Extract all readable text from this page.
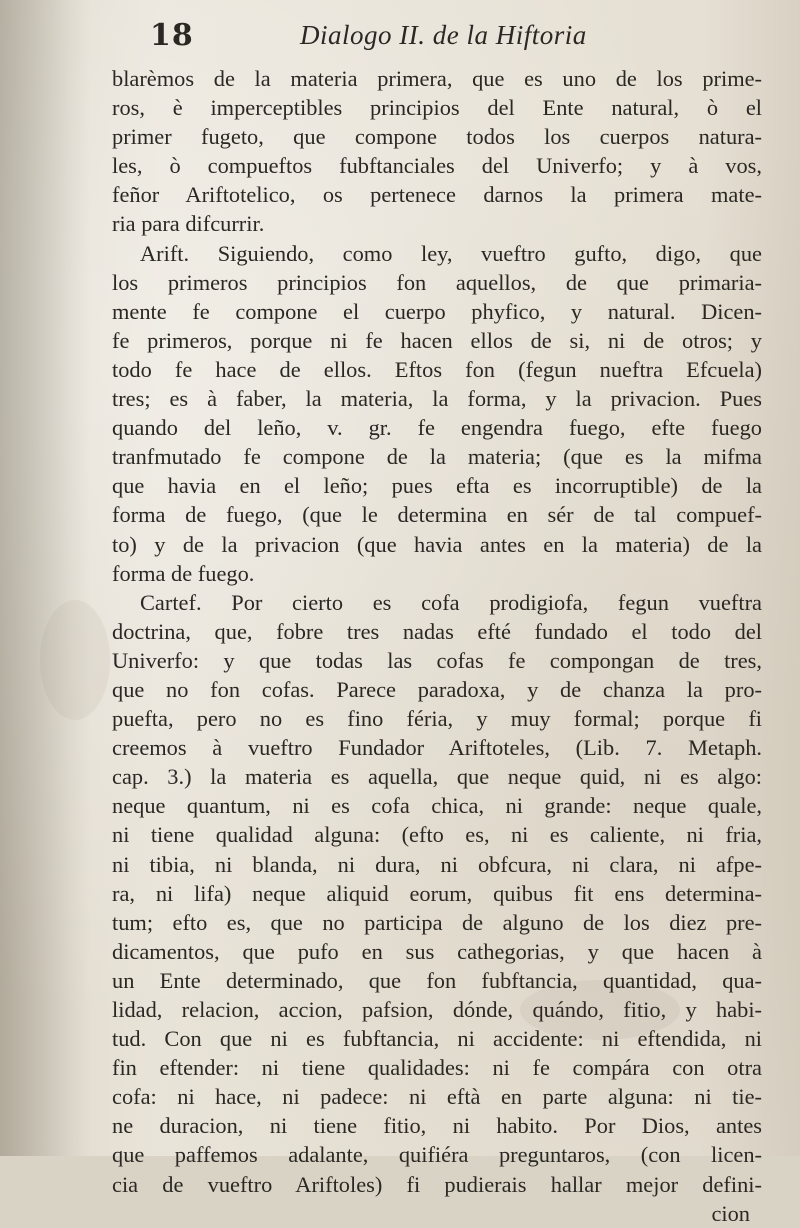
18	Dialogo II. de la Hiftoria
blarèmos de la materia primera, que es uno de los prime-
ros, è imperceptibles principios del Ente natural, ò el
primer fugeto, que compone todos los cuerpos natura-
les, ò compueftos fubftanciales del Univerfo; y à vos,
feñor Ariftotelico, os pertenece darnos la primera mate-
ria para difcurrir.
Arift. Siguiendo, como ley, vueftro gufto, digo, que
los primeros principios fon aquellos, de que primaria-
mente fe compone el cuerpo phyfico, y natural. Dicen-
fe primeros, porque ni fe hacen ellos de si, ni de otros; y
todo fe hace de ellos. Eftos fon (fegun nueftra Efcuela)
tres; es à faber, la materia, la forma, y la privacion. Pues
quando del leño, v. gr. fe engendra fuego, efte fuego
tranfmutado fe compone de la materia; (que es la mifma
que havia en el leño; pues efta es incorruptible) de la
forma de fuego, (que le determina en sér de tal compuef-
to) y de la privacion (que havia antes en la materia) de la
forma de fuego.
Cartef. Por cierto es cofa prodigiofa, fegun vueftra
doctrina, que, fobre tres nadas efté fundado el todo del
Univerfo: y que todas las cofas fe compongan de tres,
que no fon cofas. Parece paradoxa, y de chanza la pro-
puefta, pero no es fino féria, y muy formal; porque fi
creemos à vueftro Fundador Ariftoteles, (Lib. 7. Metaph.
cap. 3.) la materia es aquella, que neque quid, ni es algo:
neque quantum, ni es cofa chica, ni grande: neque quale,
ni tiene qualidad alguna: (efto es, ni es caliente, ni fria,
ni tibia, ni blanda, ni dura, ni obfcura, ni clara, ni afpe-
ra, ni lifa) neque aliquid eorum, quibus fit ens determina-
tum; efto es, que no participa de alguno de los diez pre-
dicamentos, que pufo en sus cathegorias, y que hacen à
un Ente determinado, que fon fubftancia, quantidad, qua-
lidad, relacion, accion, pafsion, dónde, quándo, fitio, y habi-
tud. Con que ni es fubftancia, ni accidente: ni eftendida, ni
fin eftender: ni tiene qualidades: ni fe compára con otra
cofa: ni hace, ni padece: ni eftà en parte alguna: ni tie-
ne duracion, ni tiene fitio, ni habito. Por Dios, antes
que paffemos adalante, quifiéra preguntaros, (con licen-
cia de vueftro Ariftoles) fi pudierais hallar mejor defini-
cion
